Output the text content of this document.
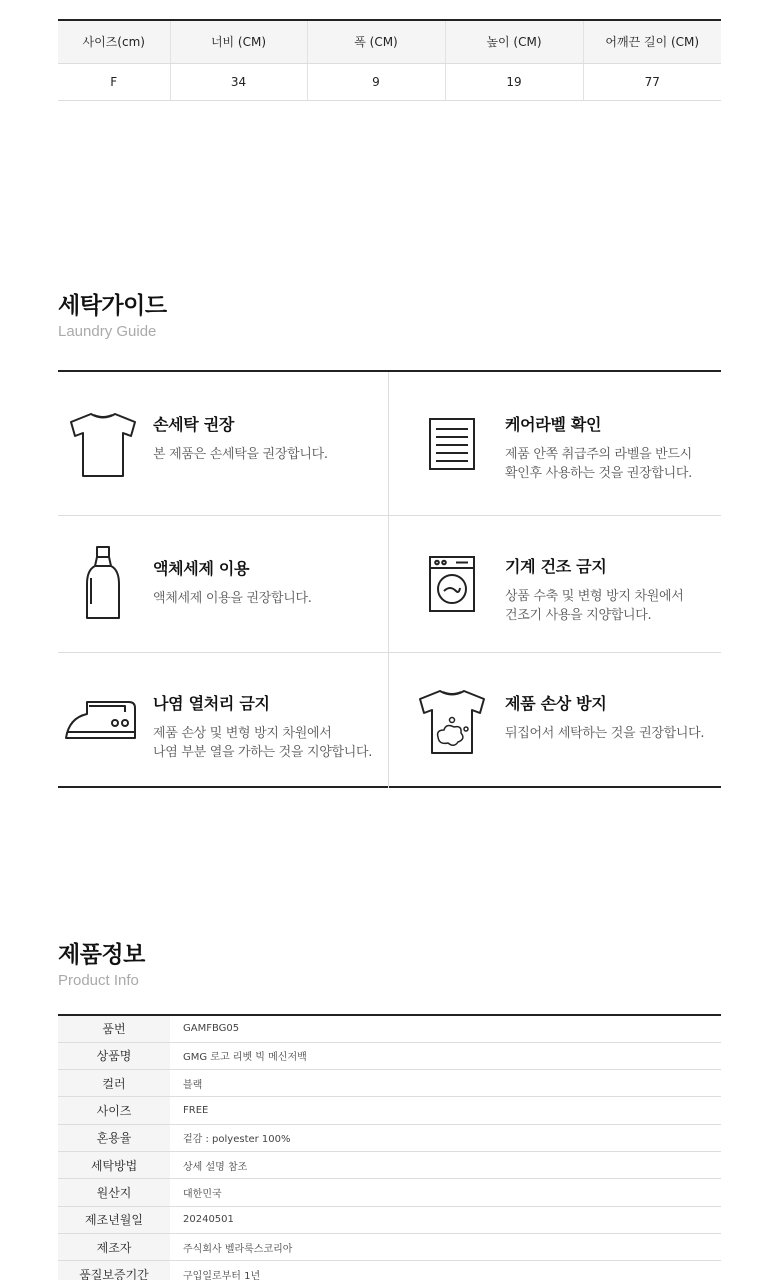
사이즈(cm)	너비 (CM)	폭 (CM)	높이 (CM)	어깨끈 길이 (CM)
F	34	9	19	77
세탁가이드
Laundry Guide
손세탁 권장
본 제품은 손세탁을 권장합니다.
케어라벨 확인
제품 안쪽 취급주의 라벨을 반드시
확인후 사용하는 것을 권장합니다.
액체세제 이용
액체세제 이용을 권장합니다.
기계 건조 금지
상품 수축 및 변형 방지 차원에서
건조기 사용을 지양합니다.
나염 열처리 금지
제품 손상 및 변형 방지 차원에서
나염 부분 열을 가하는 것을 지양합니다.
제품 손상 방지
뒤집어서 세탁하는 것을 권장합니다.
제품정보
Product Info
품번	GAMFBG05
상품명	GMG 로고 리벳 빅 메신저백
컬러	블랙
사이즈	FREE
혼용율	겉감 : polyester 100%
세탁방법	상세 설명 참조
원산지	대한민국
제조년월일	20240501
제조자	주식회사 벨라룩스코리아
품질보증기간	구입일로부터 1년
